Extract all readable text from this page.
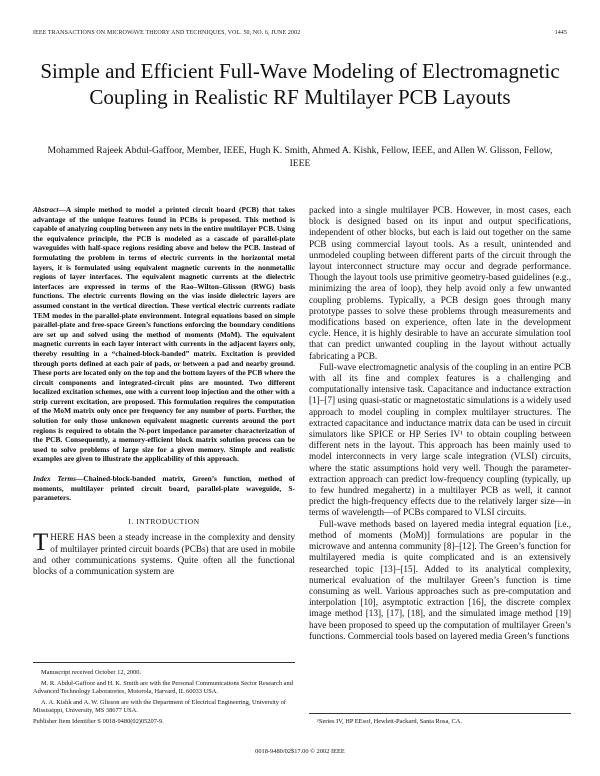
IEEE TRANSACTIONS ON MICROWAVE THEORY AND TECHNIQUES, VOL. 50, NO. 6, JUNE 2002	1445
Simple and Efficient Full-Wave Modeling of Electromagnetic Coupling in Realistic RF Multilayer PCB Layouts
Mohammed Rajeek Abdul-Gaffoor, Member, IEEE, Hugh K. Smith, Ahmed A. Kishk, Fellow, IEEE, and Allen W. Glisson, Fellow, IEEE
Abstract—A simple method to model a printed circuit board (PCB) that takes advantage of the unique features found in PCBs is proposed. This method is capable of analyzing coupling between any nets in the entire multilayer PCB. Using the equivalence principle, the PCB is modeled as a cascade of parallel-plate waveguides with half-space regions residing above and below the PCB. Instead of formulating the problem in terms of electric currents in the horizontal metal layers, it is formulated using equivalent magnetic currents in the nonmetallic regions of layer interfaces. The equivalent magnetic currents at the dielectric interfaces are expressed in terms of the Rao–Wilton–Glisson (RWG) basis functions. The electric currents flowing on the vias inside dielectric layers are assumed constant in the vertical direction. These vertical electric currents radiate TEM modes in the parallel-plate environment. Integral equations based on simple parallel-plate and free-space Green’s functions enforcing the boundary conditions are set up and solved using the method of moments (MoM). The equivalent magnetic currents in each layer interact with currents in the adjacent layers only, thereby resulting in a “chained-block-banded” matrix. Excitation is provided through ports defined at each pair of pads, or between a pad and nearby ground. These ports are located only on the top and the bottom layers of the PCB where the circuit components and integrated-circuit pins are mounted. Two different localized excitation schemes, one with a current loop injection and the other with a strip current excitation, are proposed. This formulation requires the computation of the MoM matrix only once per frequency for any number of ports. Further, the solution for only those unknown equivalent magnetic currents around the port regions is required to obtain the N-port impedance parameter characterization of the PCB. Consequently, a memory-efficient block matrix solution process can be used to solve problems of large size for a given memory. Simple and realistic examples are given to illustrate the applicability of this approach.
Index Terms—Chained-block-banded matrix, Green’s function, method of moments, multilayer printed circuit board, parallel-plate waveguide, S-parameters.
I. INTRODUCTION

THERE HAS been a steady increase in the complexity and density of multilayer printed circuit boards (PCBs) that are used in mobile and other communications systems. Quite often all the functional blocks of a communication system are

Manuscript received October 12, 2000.

M. R. Abdul-Gaffoor and H. K. Smith are with the Personal Communications Sector Research and Advanced Technology Laboratories, Motorola, Harvard, IL 60033 USA.

A. A. Kishk and A. W. Glisson are with the Department of Electrical Engineering, University of Mississippi, University, MS 38677 USA.

Publisher Item Identifier S 0018-9480(02)05207-9.

packed into a single multilayer PCB. However, in most cases, each block is designed based on its input and output specifications, independent of other blocks, but each is laid out together on the same PCB using commercial layout tools. As a result, unintended and unmodeled coupling between different parts of the circuit through the layout interconnect structure may occur and degrade performance. Though the layout tools use primitive geometry-based guidelines (e.g., minimizing the area of loop), they help avoid only a few unwanted coupling problems. Typically, a PCB design goes through many prototype passes to solve these problems through measurements and modifications based on experience, often late in the development cycle. Hence, it is highly desirable to have an accurate simulation tool that can predict unwanted coupling in the layout without actually fabricating a PCB.

Full-wave electromagnetic analysis of the coupling in an entire PCB with all its fine and complex features is a challenging and computationally intensive task. Capacitance and inductance extraction [1]–[7] using quasi-static or magnetostatic simulations is a widely used approach to model coupling in complex multilayer structures. The extracted capacitance and inductance matrix data can be used in circuit simulators like SPICE or HP Series IV¹ to obtain coupling between different nets in the layout. This approach has been mainly used to model interconnects in very large scale integration (VLSI) circuits, where the static assumptions hold very well. Though the parameter-extraction approach can predict low-frequency coupling (typically, up to few hundred megahertz) in a multilayer PCB as well, it cannot predict the high-frequency effects due to the relatively larger size—in terms of wavelength—of PCBs compared to VLSI circuits.

Full-wave methods based on layered media integral equation [i.e., method of moments (MoM)] formulations are popular in the microwave and antenna community [8]–[12]. The Green’s function for multilayered media is quite complicated and is an extensively researched topic [13]–[15]. Added to its analytical complexity, numerical evaluation of the multilayer Green’s function is time consuming as well. Various approaches such as pre-computation and interpolation [10], asymptotic extraction [16], the discrete complex image method [13], [17], [18], and the simulated image method [19] have been proposed to speed up the computation of multilayer Green’s functions. Commercial tools based on layered media Green’s functions

¹Series IV, HP EEsof, Hewlett-Packard, Santa Rosa, CA.

0018-9480/02$17.00 © 2002 IEEE
